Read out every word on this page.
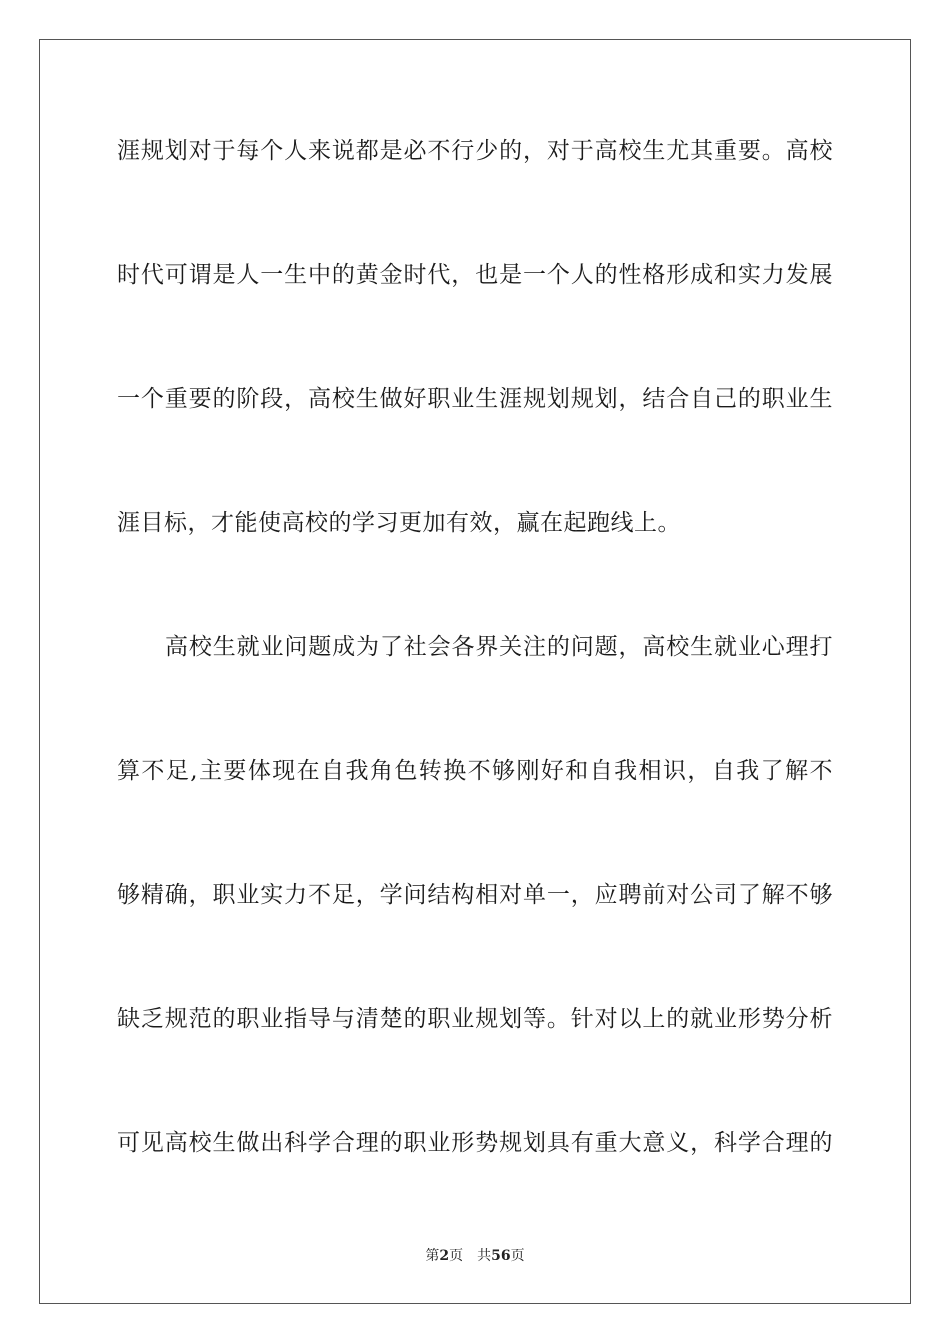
涯规划对于每个人来说都是必不行少的，对于高校生尤其重要。高校
时代可谓是人一生中的黄金时代，也是一个人的性格形成和实力发展
一个重要的阶段，高校生做好职业生涯规划规划，结合自己的职业生
涯目标，才能使高校的学习更加有效，赢在起跑线上。
高校生就业问题成为了社会各界关注的问题，高校生就业心理打
算不足,主要体现在自我角色转换不够刚好和自我相识，自我了解不
够精确，职业实力不足，学问结构相对单一，应聘前对公司了解不够
缺乏规范的职业指导与清楚的职业规划等。针对以上的就业形势分析
可见高校生做出科学合理的职业形势规划具有重大意义，科学合理的
第2页 共56页
